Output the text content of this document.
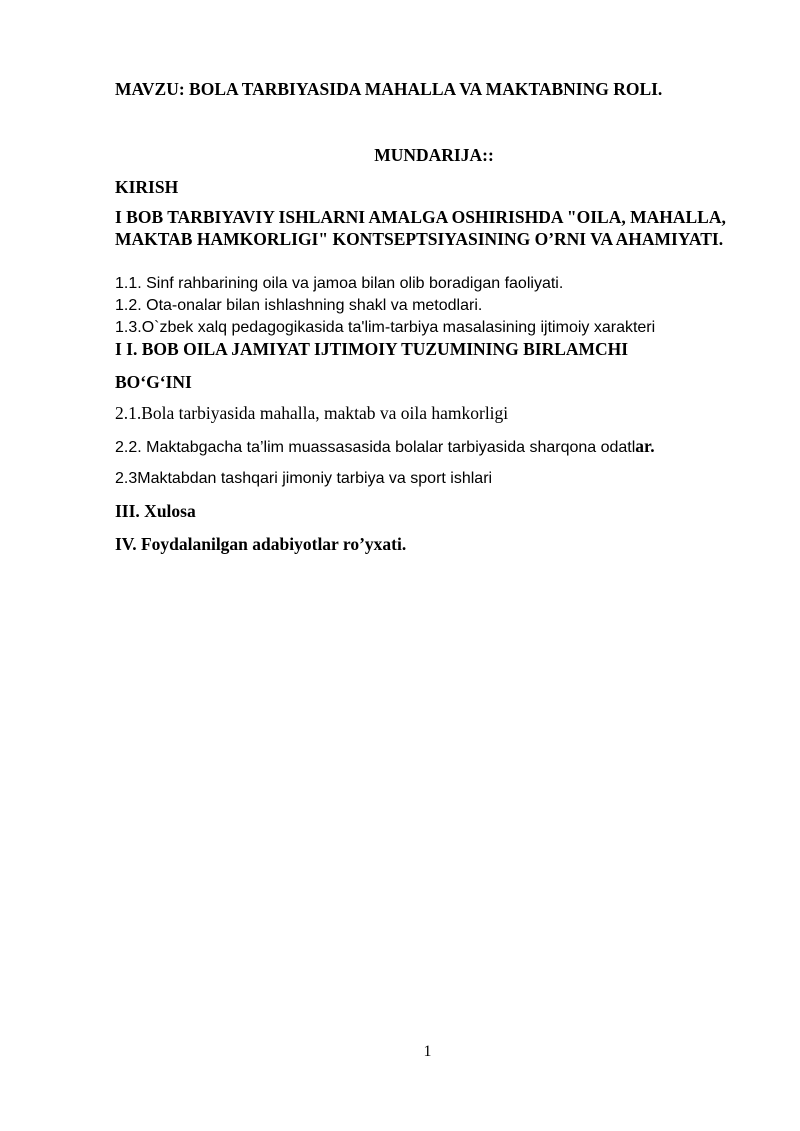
MAVZU: BOLA TARBIYASIDA MAHALLA VA MAKTABNING ROLI.

MUNDARIJA::

KIRISH

I BOB TARBIYAVIY ISHLARNI AMALGA OSHIRISHDA "OILA, MAHALLA, MAKTAB HAMKORLIGI" KONTSEPTSIYASINING O’RNI VA AHAMIYATI.

1.1. Sinf rahbarining oila va jamoa bilan olib boradigan faoliyati.

1.2. Ota-onalar bilan ishlashning shakl va metodlari.

1.3.O`zbek xalq pedagogikasida ta'lim-tarbiya masalasining ijtimoiy xarakteri

I I. BOB OILA JAMIYAT IJTIMOIY TUZUMINING BIRLAMCHI

BO‘G‘INI

2.1.Bola tarbiyasida mahalla, maktab va oila hamkorligi

2.2. Maktabgacha ta’lim muassasasida bolalar tarbiyasida sharqona odatlar.

2.3Maktabdan tashqari jimoniy tarbiya va sport ishlari

III. Xulosa

IV. Foydalanilgan adabiyotlar ro’yxati.

1
